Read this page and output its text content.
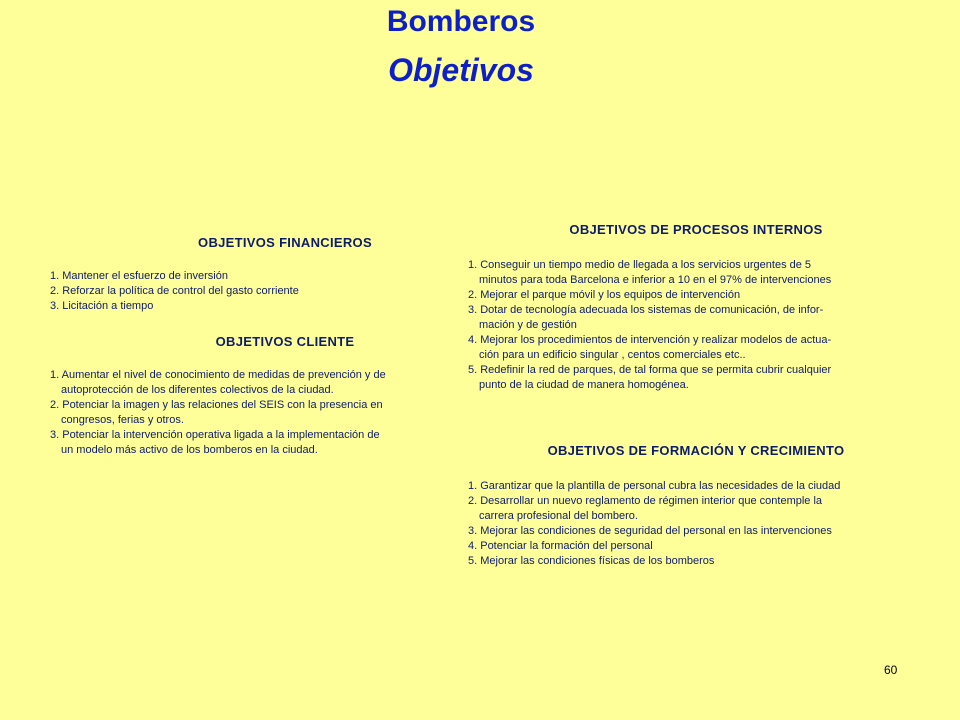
Bomberos
Objetivos
OBJETIVOS FINANCIEROS
1. Mantener el esfuerzo de inversión
2. Reforzar la política de control del gasto corriente
3. Licitación a tiempo
OBJETIVOS CLIENTE
1. Aumentar el nivel de conocimiento de medidas de prevención y de
autoprotección de los diferentes colectivos de la ciudad.
2. Potenciar la imagen y las relaciones del SEIS con la presencia en
congresos, ferias y otros.
3. Potenciar la intervención operativa ligada a la implementación de
un modelo más activo de los bomberos en la ciudad.
OBJETIVOS DE PROCESOS INTERNOS
1. Conseguir un tiempo medio de llegada a los servicios urgentes de 5
minutos para toda Barcelona e inferior a 10 en el 97% de intervenciones
2. Mejorar el parque móvil y los equipos de intervención
3. Dotar de tecnología adecuada los sistemas de comunicación, de infor-
mación y de gestión
4. Mejorar los procedimientos de intervención y realizar modelos de actua-
ción para un edificio singular , centos comerciales etc..
5. Redefinir la red de parques, de tal forma que se permita cubrir cualquier
punto de la ciudad de manera homogénea.
OBJETIVOS DE FORMACIÓN Y CRECIMIENTO
1. Garantizar que la plantilla de personal cubra las necesidades de la ciudad
2. Desarrollar un nuevo reglamento de régimen interior que contemple la
carrera profesional del bombero.
3. Mejorar las condiciones de seguridad del personal en las intervenciones
4. Potenciar la formación del personal
5. Mejorar las condiciones físicas de los bomberos
60
